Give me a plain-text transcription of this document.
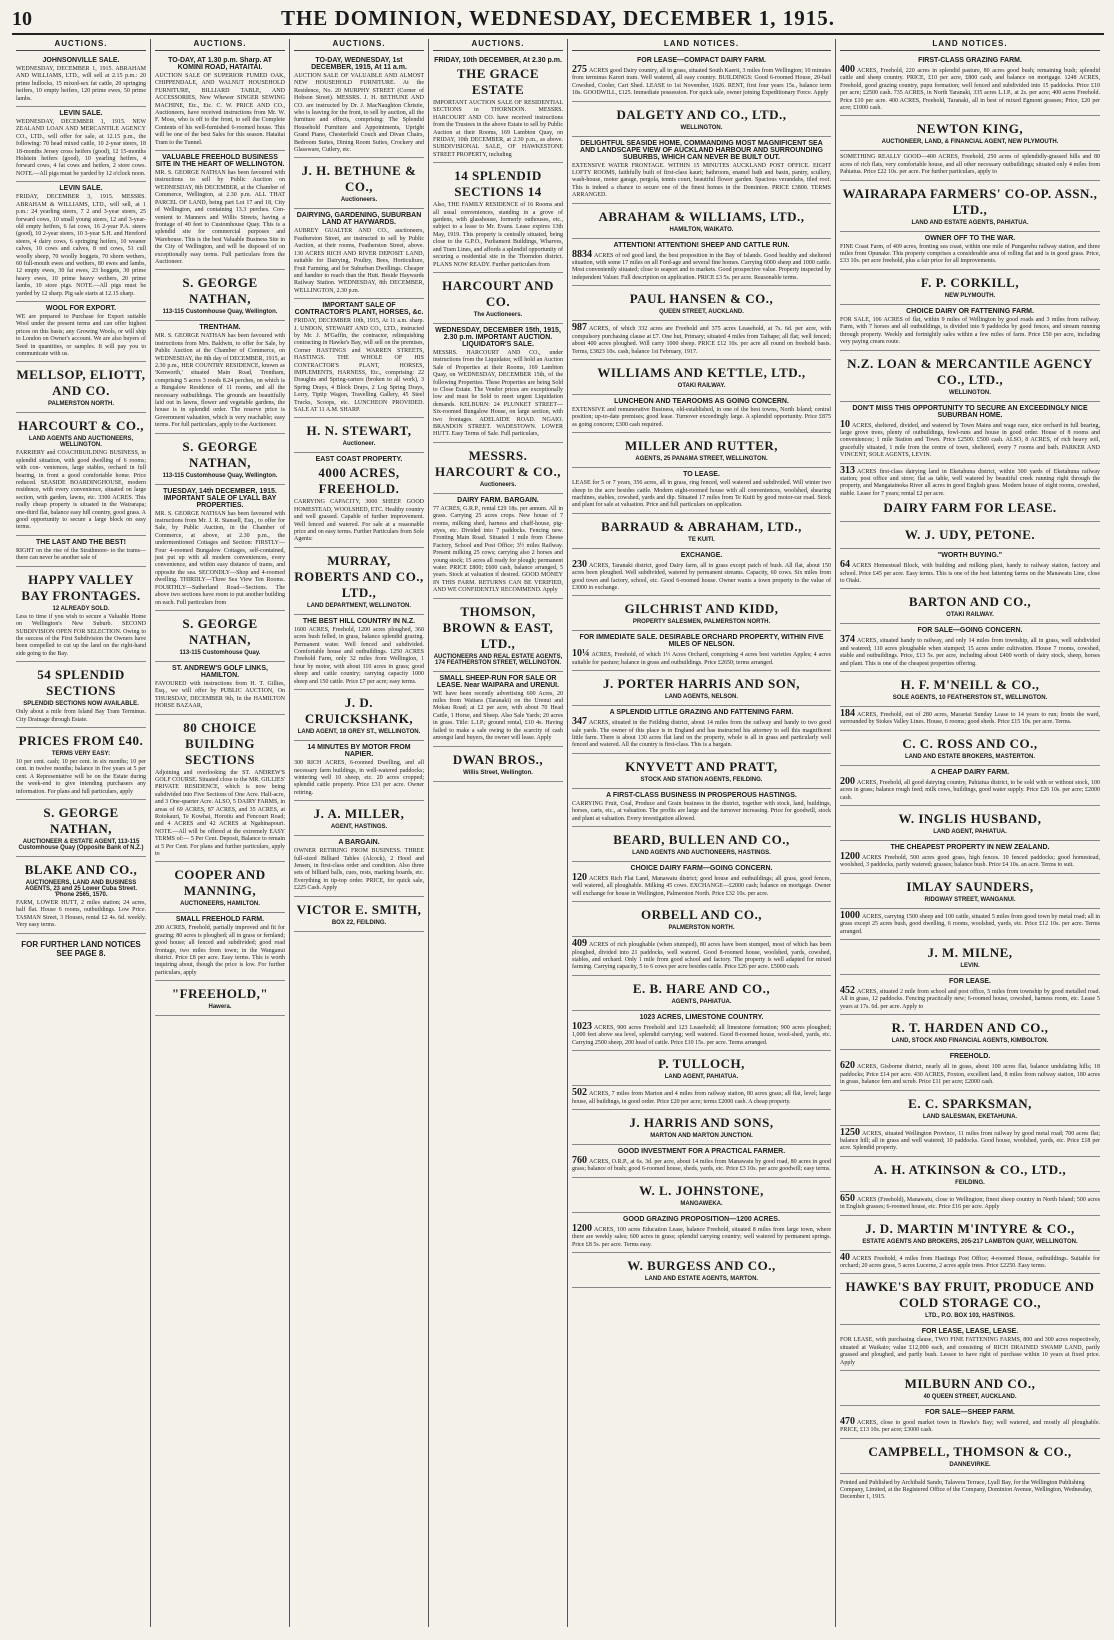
10	THE DOMINION, WEDNESDAY, DECEMBER 1, 1915.
AUCTIONS.
JOHNSONVILLE SALE.
WEDNESDAY, DECEMBER 1, 1915. ABRAHAM AND WILLIAMS, LTD., will sell at 2.15 p.m.: 20 prime bullocks, 15 mixed-sex fat cattle, 20 springing heifers, 10 empty heifers, 120 prime ewes, 50 prime lambs.
LEVIN SALE.
WEDNESDAY, DECEMBER 1, 1915. NEW ZEALAND LOAN AND MERCANTILE AGENCY CO., LTD., will offer for sale, at 12.15 p.m., the following: 70 head mixed cattle, 10 2-year steers, 18 18-months Jersey cross heifers (good), 12 15-months Holstein heifers (good), 10 yearling heifers, 4 forward cows, 4 fat cows and heifers, 2 store cows. NOTE.—All pigs must be yarded by 12 o'clock noon.
LEVIN SALE.
FRIDAY, DECEMBER 3, 1915. MESSRS. ABRAHAM & WILLIAMS, LTD., will sell, at 1 p.m.: 24 yearling steers, 7 2 and 3-year steers, 25 forward cows, 10 small young steers, 12 and 3-year-old empty heifers, 6 fat cows, 16 2-year P.A. steers (good), 10 2-year steers, 10 3-year S.H. and Hereford steers, 4 dairy cows, 6 springing heifers, 10 weaner calves, 10 cows and calves, 8 red cows, 51 cull woolly sheep, 70 woolly hoggets, 70 shorn wethers, 60 full-mouth ewes and wethers, 80 ewes and lambs, 12 empty ewes, 30 fat ewes, 23 hoggets, 30 prime heavy ewes, 10 prime heavy wethers, 20 prime lambs, 10 store pigs. NOTE.—All pigs must be yarded by 12 sharp. Pig sale starts at 12.15 sharp.
WOOL FOR EXPORT.
WE are prepared to Purchase for Export suitable Wool under the present terms and can offer highest prices on this basis; any Growing Wools, or will ship to London on Owner's account. We are also buyers of Seed in quantities, or samples. It will pay you to communicate with us.
MELLSOP, ELIOTT, AND CO.
PALMERSTON NORTH.
HARCOURT & CO.,
LAND AGENTS AND AUCTIONEERS, WELLINGTON.
FARRIERY and COACHBUILDING BUSINESS, in splendid situation, with good dwelling of 6 rooms; with con- veniences, large stables, orchard in full bearing, in front a good comfortable home. Price reduced. SEASIDE BOARDINGHOUSE, modern residence, with every convenience, situated on large section, with garden, lawns, etc. 3300 ACRES. This really cheap property is situated in the Wairarapa; one-third flat, balance easy hill country, good grass. A good opportunity to secure a large block on easy terms.
THE LAST AND THE BEST!
RIGHT on the rise of the Strathmore- to the trams—there can never be another sale of
HAPPY VALLEY BAY FRONTAGES.
12 ALREADY SOLD.
Less to time if you wish to secure a Valuable Home on Wellington's New Suburb. SECOND SUBDIVISION OPEN FOR SELECTION. Owing to the success of the First Subdivision the Owners have been compelled to cut up the land on the right-hand side going to the Bay.
54 SPLENDID SECTIONS
SPLENDID SECTIONS NOW AVAILABLE.
Only about a mile from Island Bay Tram Terminus. City Drainage through Estate.
PRICES FROM £40.
TERMS VERY EASY:
10 per cent. cash; 10 per cent. in six months; 10 per cent. in twelve months; balance in five years at 5 per cent. A Representative will be on the Estate during the week-end to give intending purchasers any information. For plans and full particulars, apply
S. GEORGE NATHAN,
AUCTIONEER & ESTATE AGENT, 113-115 Customhouse Quay (Opposite Bank of N.Z.)
BLAKE AND CO.,
AUCTIONEERS, LAND AND BUSINESS AGENTS, 23 and 25 Lower Cuba Street. 'Phone 2565, 1570.
FARM, LOWER HUTT, 2 miles station; 24 acres, half flat. House 6 rooms, outbuildings. Low Price. TASMAN Street, 3 Houses, rental £2 4s. 6d. weekly. Very easy terms.
FOR FURTHER LAND NOTICES SEE PAGE 8.
AUCTIONS.
TO-DAY, AT 1.30 p.m. Sharp. AT KOMINI ROAD, HATAITAI.
AUCTION SALE OF SUPERIOR FUMED OAK, CHIPPENDALE, AND WALNUT HOUSEHOLD FURNITURE, BILLIARD TABLE, AND ACCESSORIES, New Whewer SINGER SEWING MACHINE, Etc., Etc. C. W. PRICE AND CO., Auctioneers, have received instructions from Mr. W. F. Moss, who is off to the front, to sell the Complete Contents of his well-furnished 6-roomed house. This will be one of the best Sales for this season. Hataitai Tram to the Tunnel.
VALUABLE FREEHOLD BUSINESS SITE IN THE HEART OF WELLINGTON.
MR. S. GEORGE NATHAN has been favoured with instructions to sell by Public Auction on WEDNESDAY, 8th DECEMBER, at the Chamber of Commerce, Wellington, at 2.30 p.m. ALL THAT PARCEL OF LAND, being part Lot 17 and 18, City of Wellington, and containing 13.3 perches. Con- venient to Manners and Willis Streets, having a frontage of 40 feet to Customhouse Quay. This is a splendid site for commercial purposes and Warehouse. This is the best Valuable Business Site in the City of Wellington, and will be disposed of on exceptionally easy terms. Full particulars from the Auctioneer.
S. GEORGE NATHAN,
113-115 Customhouse Quay, Wellington.
TRENTHAM.
MR. S. GEORGE NATHAN has been favoured with instructions from Mrs. Baldwin, to offer for Sale, by Public Auction at the Chamber of Commerce, on WEDNESDAY, the 8th day of DECEMBER, 1915, at 2.30 p.m., HER COUNTRY RESIDENCE, known as 'Kenworth,' situated Main Road, Trentham, comprising 5 acres 3 roods 8.24 perches, on which is a Bungalow Residence of 11 rooms, and all the necessary outbuildings. The grounds are beautifully laid out in lawns, flower and vegetable gardens, the house is in splendid order. The reserve price is Government valuation, which is very reachable; easy terms. For full particulars, apply to the Auctioneer.
S. GEORGE NATHAN,
113-115 Customhouse Quay, Wellington.
TUESDAY, 14th DECEMBER, 1915. IMPORTANT SALE OF LYALL BAY PROPERTIES.
MR. S. GEORGE NATHAN has been favoured with instructions from Mr. J. R. Stansell, Esq., to offer for Sale, by Public Auction, in the Chamber of Commerce, at above, at 2.30 p.m., the undermentioned Cottages and Section: FIRSTLY—Four 4-roomed Bungalow Cottages, self-contained, just put up with all modern conveniences, every convenience, and within easy distance of trams, and opposite the sea. SECONDLY—Shop and 4-roomed dwelling. THIRDLY—Three Sea View Ten Rooms. FOURTHLY—Sutherland Road—Sections. The above two sections have room to put another building on each. Full particulars from
S. GEORGE NATHAN,
113-115 Customhouse Quay.
ST. ANDREW'S GOLF LINKS, HAMILTON.
FAVOURED with instructions from H. T. Gillies, Esq., we will offer by PUBLIC AUCTION, On THURSDAY, DECEMBER 9th, In the HAMILTON HORSE BAZAAR,
80 CHOICE BUILDING SECTIONS
Adjoining and overlooking the ST. ANDREW'S GOLF COURSE. Situated close to the MR. GILLIES' PRIVATE RESIDENCE, which is now being subdivided into Five Sections of One Acre. Half-acre, and 3 One-quarter Acre. ALSO, 5 DAIRY FARMS, in areas of 69 ACRES, 87 ACRES, and 35 ACRES, at Rotokauri, Te Kowhai, Horotiu and Fencourt Road; and 4 ACRES and 42 ACRES at Ngahinapouri. NOTE.—All will be offered at the extremely EASY TERMS of:— 5 Per Cent. Deposit, Balance to remain at 5 Per Cent. For plans and further particulars, apply to
COOPER AND MANNING,
AUCTIONEERS, HAMILTON.
SMALL FREEHOLD FARM.
200 ACRES, Freehold, partially improved and fit for grazing; 80 acres is ploughed; all in grass or fernland; good house; all fenced and subdivided; good road frontage, two miles from town; in the Wanganui district. Price £8 per acre. Easy terms. This is worth inquiring about, though the price is low. For further particulars, apply
"FREEHOLD,"
Hawera.
AUCTIONS.
TO-DAY, WEDNESDAY, 1st DECEMBER, 1915, At 11 a.m.
AUCTION SALE OF VALUABLE AND ALMOST NEW HOUSEHOLD FURNITURE. At the Residence, No. 20 MURPHY STREET (Corner of Hobson Street). MESSRS. J. H. BETHUNE AND CO. are instructed by Dr. J. MacNaughton Christie, who is leaving for the front, to sell by auction, all the furniture and effects, comprising: The Splendid Household Furniture and Appointments, Upright Grand Piano, Chesterfield Couch and Divan Chairs, Bedroom Suites, Dining Room Suites, Crockery and Glassware, Cutlery, etc.
J. H. BETHUNE & CO.,
Auctioneers.
DAIRYING, GARDENING, SUBURBAN LAND AT HAYWARDS.
AUBREY GUALTER AND CO., auctioneers, Featherston Street, are instructed to sell by Public Auction, at their rooms, Featherston Street, above. 130 ACRES RICH AND RIVER DEPOSIT LAND, suitable for Dairying, Poultry, Bees, Horticulture, Fruit Farming, and for Suburban Dwellings. Cheaper and handier to reach than the Hutt. Beside Haywards Railway Station. WEDNESDAY, 8th DECEMBER, WELLINGTON, 2.30 p.m.
IMPORTANT SALE OF CONTRACTOR'S PLANT, HORSES, &c.
FRIDAY, DECEMBER 10th, 1915, At 11 a.m. sharp. J. UNDON, STEWART AND CO., LTD., instructed by Mr. J. M'Gaffin, the contractor, relinquishing contracting in Hawke's Bay, will sell on the premises, Corner HASTINGS and WARREN STREETS, HASTINGS. THE WHOLE OF HIS CONTRACTOR'S PLANT, HORSES, IMPLEMENTS, HARNESS, Etc., comprising: 22 Draughts and Spring-carters (broken to all work), 3 Spring Drays, 4 Block Drays, 2 Log Spring Drays, Lorry, Tiptip Wagon, Travelling Gallery, 45 Steel Trucks, Scoops, etc. LUNCHEON PROVIDED. SALE AT 11 A.M. SHARP.
H. N. STEWART,
Auctioneer.
EAST COAST PROPERTY.
4000 ACRES, FREEHOLD.
CARRYING CAPACITY, 3000 SHEEP. GOOD HOMESTEAD, WOOLSHED, ETC. Healthy country and well grassed. Capable of further improvement. Well fenced and watered. For sale at a reasonable price and on easy terms. Further Particulars from Sole Agents:
MURRAY, ROBERTS AND CO., LTD.,
LAND DEPARTMENT, WELLINGTON.
THE BEST HILL COUNTRY IN N.Z.
1600 ACRES, Freehold, 1200 acres ploughed, 360 acres bush felled, in grass, balance splendid grazing. Permanent water. Well fenced and subdivided. Comfortable house and outbuildings. 1250 ACRES Freehold Farm, only 32 miles from Wellington, 1 hour by motor, with about 110 acres in grass; good sheep and cattle country; carrying capacity 1000 sheep and 150 cattle. Price £7 per acre; easy terms.
J. D. CRUICKSHANK,
LAND AGENT, 18 GREY ST., WELLINGTON.
14 MINUTES BY MOTOR FROM NAPIER.
300 RICH ACRES, 6-roomed Dwelling, and all necessary farm buildings, in well-watered paddocks; wintering well 10 sheep, etc. 20 acres cropped; splendid cattle property. Price £31 per acre. Owner retiring.
J. A. MILLER,
AGENT, HASTINGS.
A BARGAIN.
OWNER RETIRING FROM BUSINESS. THREE full-sized Billiard Tables (Alcock), 2 Hood and Jensen, in first-class order and condition. Also three sets of billiard balls, cues, rests, marking boards, etc. Everything in tip-top order. PRICE, for quick sale, £225 Cash. Apply
VICTOR E. SMITH,
BOX 22, FEILDING.
AUCTIONS.
FRIDAY, 10th DECEMBER, At 2.30 p.m.
THE GRACE ESTATE
IMPORTANT AUCTION SALE OF RESIDENTIAL SECTIONS in THORNDON. MESSRS. HARCOURT AND CO. have received instructions from the Trustees in the above Estate to sell by Public Auction at their Rooms, 169 Lambton Quay, on FRIDAY, 10th DECEMBER, at 2.30 p.m., as above. SUBDIVISIONAL SALE, OF HAWKESTONE STREET PROPERTY, including
14 SPLENDID SECTIONS 14
Also, THE FAMILY RESIDENCE of 16 Rooms and all usual conveniences, standing in a grove of gardens, with glasshouse, formerly outhouses, etc., subject to a lease to Mr. Evans. Lease expires 13th May, 1919. This property is centrally situated, being close to the G.P.O., Parliament Buildings, Wharves, and Tram Lines, and affords a splendid opportunity of securing a residential site in the Thorndon district. PLANS NOW READY. Further particulars from
HARCOURT AND CO.
The Auctioneers.
WEDNESDAY, DECEMBER 15th, 1915, 2.30 p.m. IMPORTANT AUCTION. LIQUIDATOR'S SALE.
MESSRS. HARCOURT AND CO., under instructions from the Liquidator, will hold an Auction Sale of Properties at their Rooms, 169 Lambton Quay, on WEDNESDAY, DECEMBER 15th, of the following Properties. These Properties are being Sold to Close Estate. The Vendor prices are exceptionally low and must be Sold to meet urgent Liquidation demands. KELBURN: 24 PLUNKET STREET—Six-roomed Bungalow House, on large section, with two frontages. ADELAIDE ROAD. NGAIO. BRANDON STREET. WADESTOWN. LOWER HUTT. Easy Terms of Sale. Full particulars,
MESSRS. HARCOURT & CO.,
Auctioneers.
DAIRY FARM. BARGAIN.
77 ACRES, G.R.P., rental £29 18s. per annum. All in grass. Carrying 25 acres crops. New house of 7 rooms, milking shed, harness and chaff-house, pig-styes, etc. Divided into 7 paddocks. Fencing new. Fronting Main Road. Situated 1 mile from Cheese Factory, School and Post Office; 3½ miles Railway. Present milking 25 cows; carrying also 2 horses and young stock; 15 acres all ready for plough; permanent water. PRICE £800; £600 cash, balance arranged, 5 years. Stock at valuation if desired. GOOD MONEY IN THIS FARM. RETURNS CAN BE VERIFIED, AND WE CONFIDENTLY RECOMMEND. Apply
THOMSON, BROWN & EAST, LTD.,
AUCTIONEERS AND REAL ESTATE AGENTS, 174 FEATHERSTON STREET, WELLINGTON.
SMALL SHEEP-RUN FOR SALE OR LEASE. Near WAIPARA and URENUI.
WE have been recently advertising 600 Acres, 20 miles from Waitara (Taranaki) on the Urenui and Mokau Road; at £2 per acre, with about 70 Head Cattle, 1 Horse, and Sheep. Also Sale Yards; 20 acres in grass. Title: L.I.P.; ground rental, £10 4s. Having failed to make a sale owing to the scarcity of cash amongst land buyers, the owner will lease. Apply
DWAN BROS.,
Willis Street, Wellington.
LAND NOTICES.
FOR LEASE—COMPACT DAIRY FARM.
275 ACRES good Dairy country, all in grass, situated South Kaerit, 3 miles from Wellington; 10 minutes from terminus Karori tram. Well watered, all easy country. BUILDINGS: Good 6-roomed House, 20-bail Cowshed, Cooler, Cart Shed. LEASE to 1st November, 1926. RENT, first four years 15s., balance term 18s. GOODWILL, £125. Immediate possession. For quick sale, owner joining Expeditionary Force. Apply
DALGETY AND CO., LTD.,
WELLINGTON.
DELIGHTFUL SEASIDE HOME, COMMANDING MOST MAGNIFICENT SEA AND LANDSCAPE VIEW OF AUCKLAND HARBOUR AND SURROUNDING SUBURBS, WHICH CAN NEVER BE BUILT OUT.
EXTENSIVE WATER FRONTAGE. WITHIN 15 MINUTES AUCKLAND POST OFFICE. EIGHT LOFTY ROOMS, faithfully built of first-class kauri; bathroom, enamel bath and basin, pantry, scullery, wash-house, motor garage, pergola, tennis court, beautiful flower garden. Spacious verandahs, tiled roof. This is indeed a chance to secure one of the finest homes in the Dominion. PRICE £3800. TERMS ARRANGED.
ABRAHAM & WILLIAMS, LTD.,
HAMILTON, WAIKATO.
ATTENTION! ATTENTION! SHEEP AND CATTLE RUN.
8834 ACRES of red good land, the best proposition in the Bay of Islands. Good healthy and sheltered situation, with some 17 miles on all Ford-age and several fine homes. Carrying 6000 sheep and 1000 cattle. Most conveniently situated; close to seaport and to markets. Good prospective value. Property inspected by independent Valuer. Full description on application. PRICE £3 5s. per acre. Reasonable terms.
PAUL HANSEN & CO.,
QUEEN STREET, AUCKLAND.
987 ACRES, of which 332 acres are Freehold and 375 acres Leasehold, at 7s. 6d. per acre, with compulsory purchasing clause at £7. One hut, Primary; situated 4 miles from Taihape; all flat; well fenced; about 400 acres ploughed. Will carry 1000 sheep. PRICE £12 10s. per acre all round on freehold basis. Terms, £3823 10s. cash, balance 1st February, 1917.
WILLIAMS AND KETTLE, LTD.,
OTAKI RAILWAY.
LUNCHEON AND TEAROOMS AS GOING CONCERN.
EXTENSIVE and remunerative Business, old-established, in one of the best towns, North Island; central position; up-to-date premises; good lease. Turnover exceedingly large. A splendid opportunity. Price £875 as going concern; £300 cash required.
MILLER AND RUTTER,
AGENTS, 25 PANAMA STREET, WELLINGTON.
TO LEASE.
LEASE for 5 or 7 years, 356 acres, all in grass, ring fenced, well watered and subdivided. Will winter two sheep to the acre besides cattle. Modern eight-roomed house with all conveniences, woolshed, shearing machines, stables, cowshed, yards and dip. Situated 17 miles from Te Kuiti by good motor-car road. Stock and plant for sale at valuation. Price and full particulars on application.
BARRAUD & ABRAHAM, LTD.,
TE KUITI.
EXCHANGE.
230 ACRES, Taranaki district, good Dairy farm, all in grass except patch of bush. All flat, about 150 acres been ploughed. Well subdivided, watered by permanent streams. Capacity, 60 cows. Six miles from good town and factory, school, etc. Good 6-roomed house. Owner wants a town property to the value of £3000 in exchange.
GILCHRIST AND KIDD,
PROPERTY SALESMEN, PALMERSTON NORTH.
FOR IMMEDIATE SALE. DESIRABLE ORCHARD PROPERTY, WITHIN FIVE MILES OF NELSON.
10¼ ACRES, Freehold, of which 1½ Acres Orchard, comprising 4 acres best varieties Apples; 4 acres suitable for pasture; balance in grass and outbuildings. Price £2650; terms arranged.
J. PORTER HARRIS AND SON,
LAND AGENTS, NELSON.
A SPLENDID LITTLE GRAZING AND FATTENING FARM.
347 ACRES, situated in the Feilding district, about 14 miles from the railway and handy to two good sale yards. The owner of this place is in England and has instructed his attorney to sell this magnificent little farm. There is about 130 acres flat land on the property, whole is all in grass and particularly well fenced and watered. All the country is first-class. This is a bargain.
KNYVETT AND PRATT,
STOCK AND STATION AGENTS, FEILDING.
A FIRST-CLASS BUSINESS IN PROSPEROUS HASTINGS.
CARRYING Fruit, Coal, Produce and Grain business in the district, together with stock, land, buildings, horses, carts, etc., at valuation. The profits are large and the turnover increasing. Price for goodwill, stock and plant at valuation. Every investigation allowed.
BEARD, BULLEN AND CO.,
LAND AGENTS AND AUCTIONEERS, HASTINGS.
CHOICE DAIRY FARM—GOING CONCERN.
120 ACRES Rich Flat Land, Manawatu district; good house and outbuildings; all grass, good fences, well watered, all ploughable. Milking 45 cows. EXCHANGE—£2000 cash; balance on mortgage. Owner will exchange for house in Wellington, Palmerston North. Price £32 10s. per acre.
ORBELL AND CO.,
PALMERSTON NORTH.
409 ACRES of rich ploughable (when stumped), 80 acres have been stumped, most of which has been ploughed, divided into 21 paddocks, well watered. Good 8-roomed house, woolshed, yards, cowshed, stables, and orchard. Only 1 mile from good school and factory. The property is well adapted for mixed farming. Carrying capacity, 5 to 6 cows per acre besides cattle. Price £26 per acre. £5000 cash.
E. B. HARE AND CO.,
AGENTS, PAHIATUA.
1023 ACRES, LIMESTONE COUNTRY.
1023 ACRES, 900 acres Freehold and 123 Leasehold; all limestone formation; 900 acres ploughed; 1,000 feet above sea level, splendid carrying; well watered. Good 8-roomed house, wool-shed, yards, etc. Carrying 2500 sheep, 200 head of cattle. Price £10 15s. per acre. Terms arranged.
P. TULLOCH,
LAND AGENT, PAHIATUA.
502 ACRES, 7 miles from Marton and 4 miles from railway station, 80 acres grass; all flat, level; large house, all buildings, in good order. Price £20 per acre; terms £2000 cash. A cheap property.
J. HARRIS AND SONS,
MARTON AND MARTON JUNCTION.
GOOD INVESTMENT FOR A PRACTICAL FARMER.
760 ACRES, O.R.P., at 6s. 3d. per acre, about 14 miles from Manawatu by good road, 80 acres in good grass; balance of bush; good 6-roomed house, sheds, yards, etc. Price £3 10s. per acre goodwill; easy terms.
W. L. JOHNSTONE,
MANGAWEKA.
GOOD GRAZING PROPOSITION—1200 ACRES.
1200 ACRES, 100 acres Education Lease, balance Freehold, situated 8 miles from large town, where there are weekly sales; 600 acres in grass; splendid carrying country; well watered by permanent springs. Price £8 5s. per acre. Terms easy.
W. BURGESS AND CO.,
LAND AND ESTATE AGENTS, MARTON.
LAND NOTICES.
FIRST-CLASS GRAZING FARM.
400 ACRES, Freehold, 220 acres in splendid pasture, 80 acres good bush; remaining bush; splendid cattle and sheep country. PRICE, £10 per acre, £800 cash, and balance on mortgage. 1248 ACRES, Freehold, good grazing country, pupu formation; well fenced and subdivided into 15 paddocks. Price £10 per acre; £2500 cash. 735 ACRES, in North Taranaki, 335 acres L.I.P., at 2s. per acre; 400 acres Freehold. Price £10 per acre. 400 ACRES, Freehold, Taranaki, all in best of mixed Egmont grasses; Price, £20 per acre; £1000 cash.
NEWTON KING,
AUCTIONEER, LAND, & FINANCIAL AGENT, NEW PLYMOUTH.
SOMETHING REALLY GOOD—400 ACRES, Freehold, 250 acres of splendidly-grassed hills and 80 acres of rich flats, very comfortable house, and all other necessary outbuildings; situated only 4 miles from Pahiatua. Price £22 10s. per acre. For further particulars, apply to
WAIRARAPA FARMERS' CO-OP. ASSN., LTD.,
LAND AND ESTATE AGENTS, PAHIATUA.
OWNER OFF TO THE WAR.
FINE Coast Farm, of 409 acres, fronting sea coast, within one mile of Pungarehu railway station, and three miles from Opunake. This property comprises a considerable area of rolling flat and is in good grass. Price, £33 10s. per acre freehold, plus a fair price for all improvements.
F. P. CORKILL,
NEW PLYMOUTH.
CHOICE DAIRY OR FATTENING FARM.
FOR SALE, 106 ACRES of flat, within 9 miles of Wellington by good roads and 3 miles from railway. Farm, with 7 horses and all outbuildings, is divided into 9 paddocks by good fences, and stream running through property. Weekly and fortnightly sales within a few miles of farm. Price £50 per acre, including very paying cream route.
N.Z. LOAN & MERCANTILE AGENCY CO., LTD.,
WELLINGTON.
DON'T MISS THIS OPPORTUNITY TO SECURE AN EXCEEDINGLY NICE SUBURBAN HOME.
10 ACRES, sheltered, divided, and watered by Town Mains and wage race, nice orchard in full bearing, large grove trees, plenty of outbuildings, fowl-runs and house in good order. House of 8 rooms and conveniences; 1 mile Station and Town. Price £2500. £500 cash. ALSO, 8 ACRES, of rich heavy soil, gracefully situated, 1 mile from the centre of town, sheltered, every 7 rooms and bath. PARKER AND VINCENT, SOLE AGENTS, LEVIN.
313 ACRES first-class dairying land in Eketahuna district, within 300 yards of Eketahuna railway station; post office and store; flat as table, well watered by beautiful creek running right through the property, and Mangatainoka River all acres in good English grass. Modern house of eight rooms, cowshed, stable. Lease for 7 years; rental £2 per acre.
DAIRY FARM FOR LEASE.
W. J. UDY, PETONE.
"WORTH BUYING."
64 ACRES Homestead Block, with building and milking plant, handy to railway station, factory and school. Price £45 per acre. Easy terms. This is one of the best fattening farms on the Manawatu Line, close to Otaki.
BARTON AND CO.,
OTAKI RAILWAY.
FOR SALE—GOING CONCERN.
374 ACRES, situated handy to railway, and only 14 miles from township, all in grass, well subdivided and watered; 110 acres ploughable when stumped; 15 acres under cultivation. House 7 rooms, cowshed, stable and outbuildings. Price, £13 5s. per acre, including about £400 worth of dairy stock, sheep, horses and plant. This is one of the cheapest properties offering.
H. F. M'NEILL & CO.,
SOLE AGENTS, 10 FEATHERSTON ST., WELLINGTON.
184 ACRES, Freehold, out of 280 acres, Maraetai Sunday Lease to 14 years to run; fronts the ward, surrounded by Stokes Valley Lines. House, 6 rooms; good sheds. Price £15 10s. per acre. Terms.
C. C. ROSS AND CO.,
LAND AND ESTATE BROKERS, MASTERTON.
A CHEAP DAIRY FARM.
200 ACRES, Freehold, all good dairying country, Pahiatua district, to be sold with or without stock, 100 acres in grass; balance rough feed; milk cows, buildings, good water supply. Price £26 10s. per acre; £2000 cash.
W. INGLIS HUSBAND,
LAND AGENT, PAHIATUA.
THE CHEAPEST PROPERTY IN NEW ZEALAND.
1200 ACRES Freehold, 500 acres good grass, high fences. 10 fenced paddocks; good homestead, woolshed, 3 paddocks, partly watered; grasses; balance bush. Price £4 10s. an acre. Terms to suit.
IMLAY SAUNDERS,
RIDGWAY STREET, WANGANUI.
1000 ACRES, carrying 1500 sheep and 100 cattle, situated 5 miles from good town by metal road; all in grass except 25 acres bush, good dwelling, 6 rooms, woolshed, yards, etc. Price £12 10s. per acre. Terms arranged.
J. M. MILNE,
LEVIN.
FOR LEASE.
452 ACRES, situated 2 mile from school and post office, 5 miles from township by good metalled road. All in grass, 12 paddocks. Fencing practically new; 6-roomed house, cowshed, harness room, etc. Lease 5 years at 17s. 6d. per acre. Apply to
R. T. HARDEN AND CO.,
LAND, STOCK AND FINANCIAL AGENTS, KIMBOLTON.
FREEHOLD.
620 ACRES, Gisborne district, nearly all in grass, about 100 acres flat, balance undulating hills; 18 paddocks; Price £14 per acre. 430 ACRES, Foxton, excellent land, 8 miles from railway station, 180 acres in grass, balance fern and scrub. Price £11 per acre; £2000 cash.
E. C. SPARKSMAN,
LAND SALESMAN, EKETAHUNA.
1250 ACRES, situated Wellington Province, 11 miles from railway by good metal road; 700 acres flat; balance hill; all in grass and well watered; 10 paddocks. Good house, woolshed, yards, etc. Price £18 per acre. Splendid property.
A. H. ATKINSON & CO., LTD.,
FEILDING.
650 ACRES (Freehold), Manawatu, close to Wellington; finest sheep country in North Island; 500 acres in English grasses; 6-roomed house, etc. Price £16 per acre. Apply
J. D. MARTIN M'INTYRE & CO.,
ESTATE AGENTS AND BROKERS, 205-217 LAMBTON QUAY, WELLINGTON.
40 ACRES Freehold, 4 miles from Hastings Post Office; 4-roomed House, outbuildings. Suitable for orchard; 20 acres grass, 5 acres Lucerne, 2 acres apple trees. Price £2250. Easy terms.
HAWKE'S BAY FRUIT, PRODUCE AND COLD STORAGE CO.,
LTD., P.O. BOX 103, HASTINGS.
FOR LEASE, LEASE, LEASE.
FOR LEASE, with purchasing clause, TWO FINE FATTENING FARMS, 800 and 300 acres respectively, situated at Waikato; value £12,000 each, and consisting of RICH DRAINED SWAMP LAND, partly grassed and ploughed, and partly bush. Lessee to have right of purchase within 10 years at fixed price. Apply
MILBURN AND CO.,
40 QUEEN STREET, AUCKLAND.
FOR SALE—SHEEP FARM.
470 ACRES, close to good market town in Hawke's Bay; well watered, and mostly all ploughable. PRICE, £13 10s. per acre; £3000 cash.
CAMPBELL, THOMSON & CO.,
DANNEVIRKE.
Printed and Published by Archibald Sando, Talavera Terrace, Lyall Bay, for the Wellington Publishing Company, Limited, at the Registered Office of the Company, Dominion Avenue, Wellington, Wednesday, December 1, 1915.
